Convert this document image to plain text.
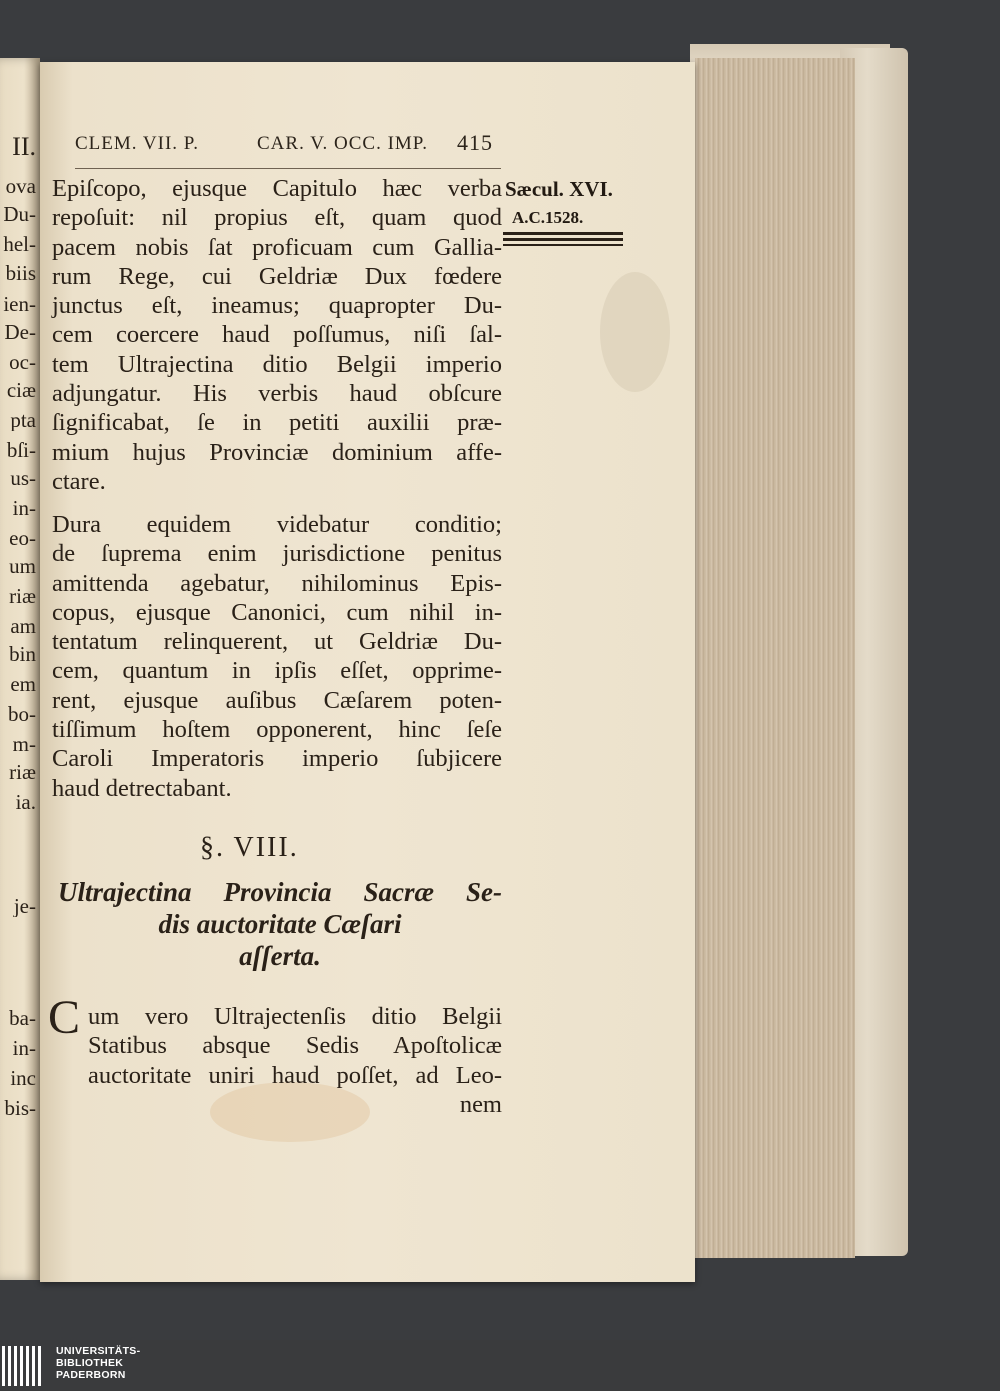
II.
ova
Du-
hel-
biis
ien-
De-
oc-
ciæ
pta
bſi-
us-
in-
eo-
um
riæ
am
bin
em
bo-
m-
riæ
ia.
je-
ba-
in-
inc
bis-
CLEM. VII. P.	CAR. V. OCC. IMP. 415
Sæcul. XVI.
A.C.1528.
Epiſcopo, ejusque Capitulo hæc verba
repoſuit: nil propius eſt, quam quod
pacem nobis ſat proficuam cum Gallia-
rum Rege, cui Geldriæ Dux fœdere
junctus eſt, ineamus; quapropter Du-
cem coercere haud poſſumus, niſi ſal-
tem Ultrajectina ditio Belgii imperio
adjungatur. His verbis haud obſcure
ſignificabat, ſe in petiti auxilii præ-
mium hujus Provinciæ dominium affe-
ctare.
Dura equidem videbatur conditio;
de ſuprema enim jurisdictione penitus
amittenda agebatur, nihilominus Epis-
copus, ejusque Canonici, cum nihil in-
tentatum relinquerent, ut Geldriæ Du-
cem, quantum in ipſis eſſet, opprime-
rent, ejusque auſibus Cæſarem poten-
tiſſimum hoſtem opponerent, hinc ſeſe
Caroli Imperatoris imperio ſubjicere
haud detrectabant.
§. VIII.
Ultrajectina Provincia Sacræ Se-
dis auctoritate Cæſari
aſſerta.
C um vero Ultrajectenſis ditio Belgii
Statibus absque Sedis Apoſtolicæ
auctoritate uniri haud poſſet, ad Leo-
nem
UNIVERSITÄTS-
BIBLIOTHEK
PADERBORN
